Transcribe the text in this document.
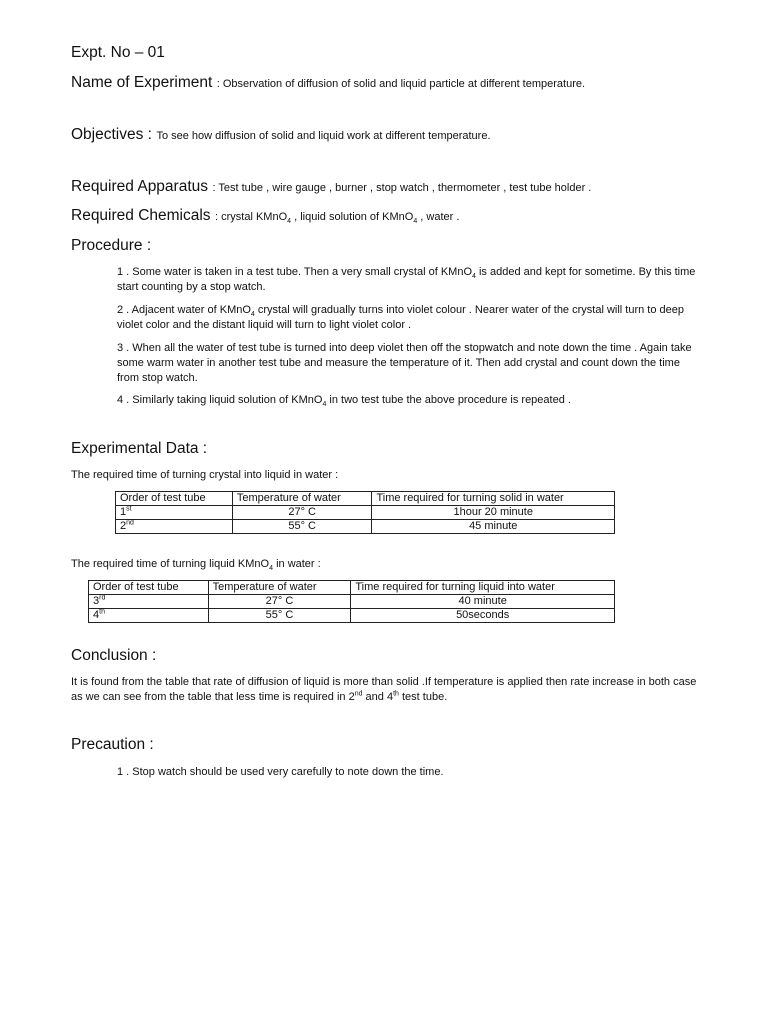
Expt. No – 01
Name of Experiment : Observation of diffusion of solid and liquid particle at different temperature.
Objectives : To see how diffusion of solid and liquid work at different temperature.
Required Apparatus : Test tube , wire gauge , burner , stop watch , thermometer , test tube holder .
Required Chemicals : crystal KMnO$_4$ , liquid solution of KMnO$_4$ , water .
Procedure :
1 . Some water is taken in a test tube. Then a very small crystal of KMnO$_4$ is added and kept for sometime. By this time start counting by a stop watch.
2 . Adjacent water of KMnO$_4$ crystal will gradually turns into violet colour . Nearer water of the crystal will turn to deep violet color and the distant liquid will turn to light violet color .
3 . When all the water of test tube is turned into deep violet then off the stopwatch and note down the time . Again take some warm water in another test tube and measure the temperature of it. Then add crystal and count down the time from stop watch.
4 . Similarly taking liquid solution of KMnO$_4$ in two test tube the above procedure is repeated .
Experimental Data :
The required time of turning crystal into liquid in water :
Order of test tube	Temperature of water	Time required for turning solid in water
1st	27° C	1hour 20 minute
2nd	55° C	45 minute
The required time of turning liquid KMnO$_4$ in water :
Order of test tube	Temperature of water	Time required for turning liquid into water
3rd	27° C	40 minute
4th	55° C	50seconds
Conclusion :
It is found from the table that rate of diffusion of liquid is more than solid .If temperature is applied then rate increase in both case as we can see from the table that less time is required in 2nd and 4th test tube.
Precaution :
1 . Stop watch should be used very carefully to note down the time.
